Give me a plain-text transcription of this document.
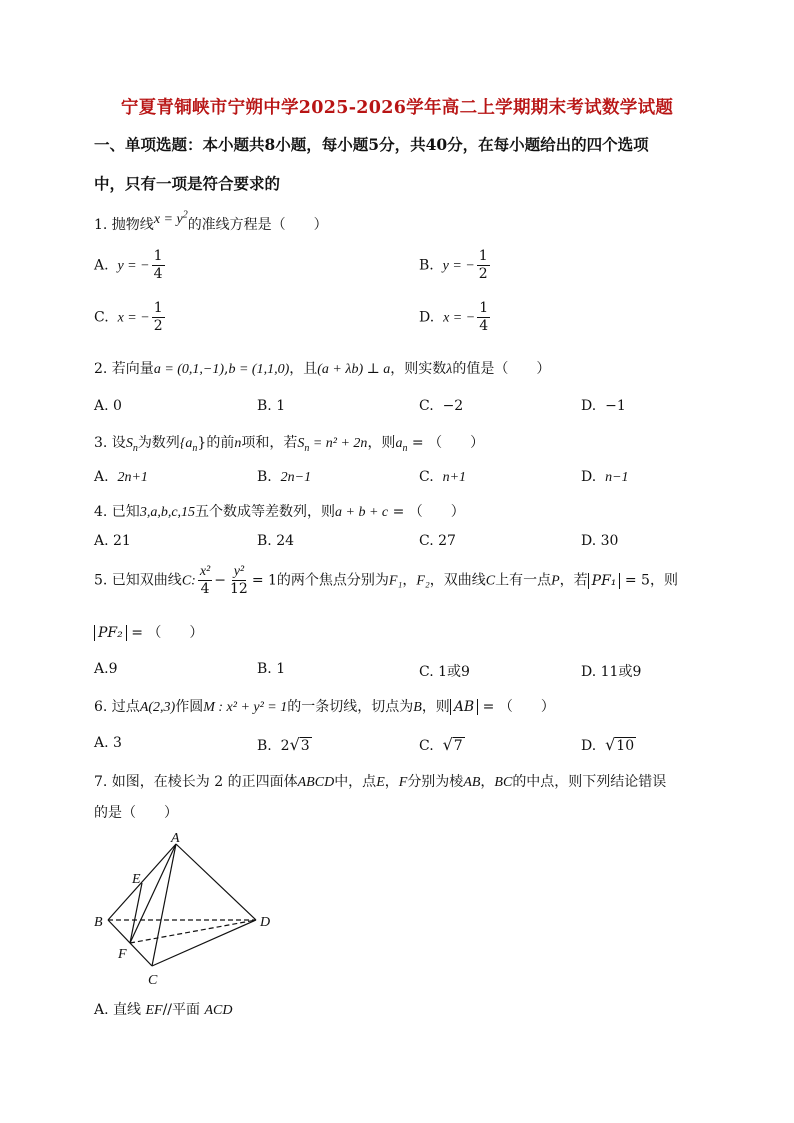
宁夏青铜峡市宁朔中学2025-2026学年高二上学期期末考试数学试题
一、单项选题：本小题共8小题，每小题5分，共40分，在每小题给出的四个选项
中，只有一项是符合要求的
1. 抛物线$x = y^2$的准线方程是（　　）
A. y = − $\frac{1}{4}$	B. y = − $\frac{1}{2}$
C. x = − $\frac{1}{2}$	D. x = − $\frac{1}{4}$
2. 若向量a = (0,1,−1),b = (1,1,0)，且(a + λb) ⊥ a，则实数λ的值是（　　）
A. 0	B. 1	C. −2	D. −1
3. 设$S_n$为数列$\{a_n\}$的前n项和，若$S_n = n^2 + 2n$，则$a_n$ = （　　）
A. 2n+1	B. 2n−1	C. n+1	D. n−1
4. 已知3,a,b,c,15五个数成等差数列，则a + b + c = （　　）
A. 21	B. 24	C. 27	D. 30
5. 已知双曲线C: $\frac{\text{x²}}{4} - \frac{\text{y²}}{12} = 1$的两个焦点分别为F₁，F₂，双曲线C上有一点P，若 PF₁ = 5，则
PF₂ = （　　）
A.9	B. 1	C. 1或9	D. 11或9
6. 过点A(2,3)作圆M : x² + y² = 1的一条切线，切点为B，则 AB = （　　）
A. 3	B. 2√3	C. √7	D. √10
7. 如图，在棱长为 2 的正四面体ABCD中，点E，F分别为棱AB，BC的中点，则下列结论错误
的是（　　）
A
E
B	D
F
C
A. 直线 EF//平面 ACD
